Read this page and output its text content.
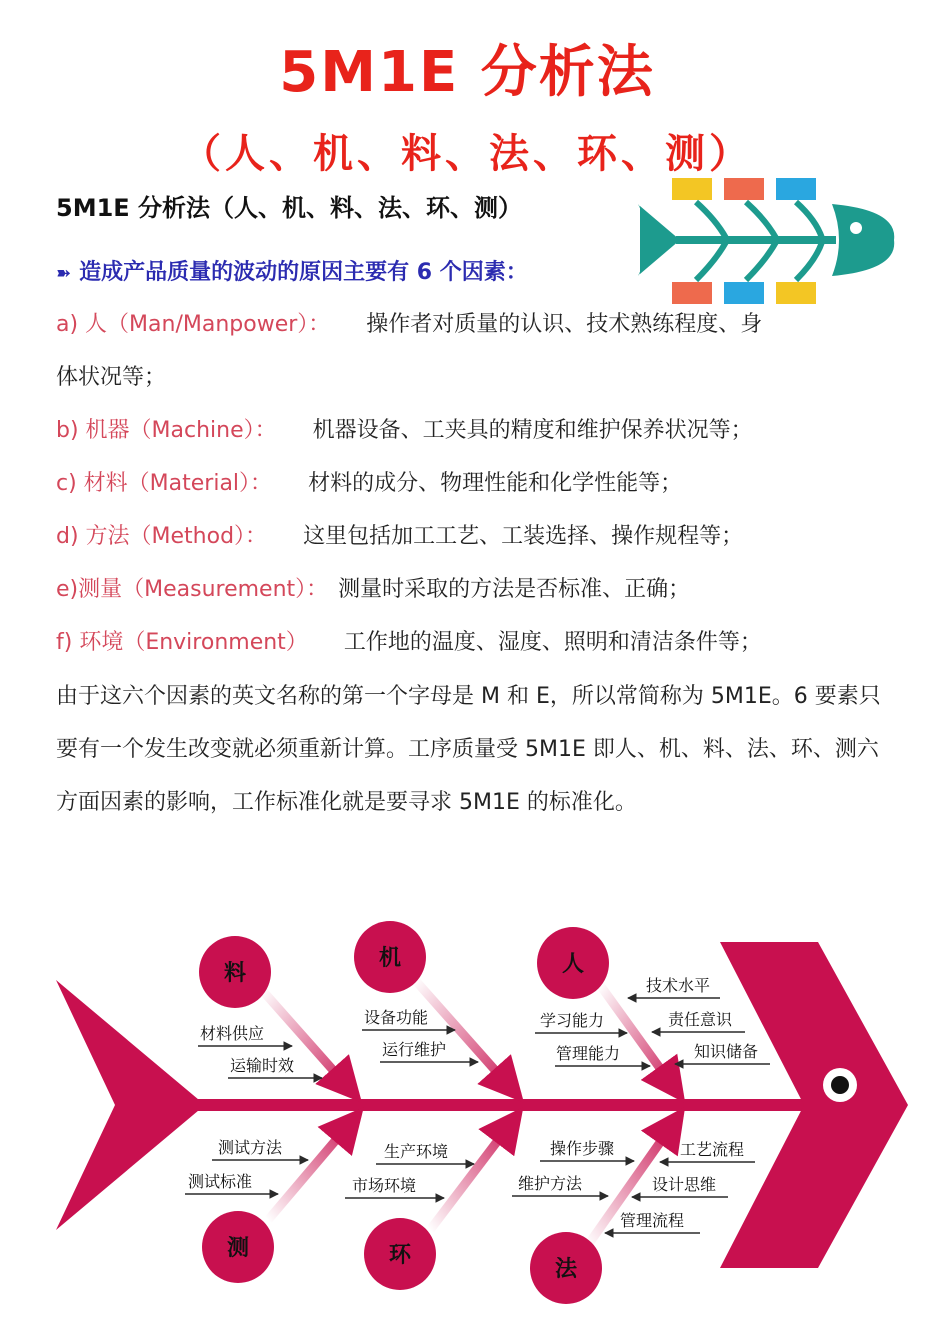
5M1E 分析法
（人、机、料、法、环、测）
5M1E 分析法（人、机、料、法、环、测）
➽ 造成产品质量的波动的原因主要有 6 个因素：
a) 人（Man/Manpower）： 操作者对质量的认识、技术熟练程度、身
体状况等；
b) 机器（Machine）： 机器设备、工夹具的精度和维护保养状况等；
c) 材料（Material）： 材料的成分、物理性能和化学性能等；
d) 方法（Method）： 这里包括加工工艺、工装选择、操作规程等；
e)测量（Measurement）： 测量时采取的方法是否标准、正确；
f) 环境（Environment） 工作地的温度、湿度、照明和清洁条件等；
由于这六个因素的英文名称的第一个字母是 M 和 E，所以常简称为 5M1E。6 要素只要有一个发生改变就必须重新计算。工序质量受 5M1E 即人、机、料、法、环、测六方面因素的影响，工作标准化就是要寻求 5M1E 的标准化。
料
机	人
测	环
法
材料供应
运输时效
设备功能
运行维护
学习能力
管理能力
技术水平
责任意识
知识储备
测试方法
测试标准
生产环境
市场环境
操作步骤
维护方法
工艺流程
设计思维
管理流程
